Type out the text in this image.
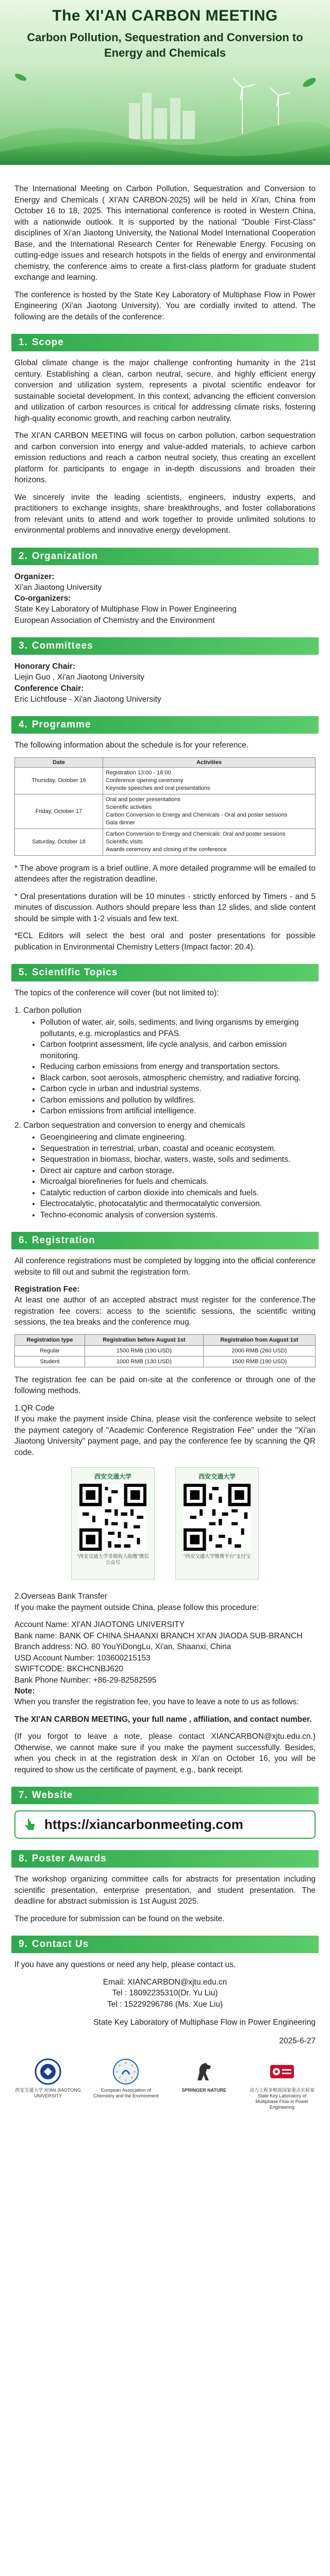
The XI'AN CARBON MEETING
Carbon Pollution, Sequestration and Conversion to Energy and Chemicals

The International Meeting on Carbon Pollution, Sequestration and Conversion to Energy and Chemicals ( XI'AN CARBON-2025) will be held in Xi'an, China from October 16 to 18, 2025. This international conference is rooted in Western China, with a nationwide outlook. It is supported by the national "Double First-Class" disciplines of Xi'an Jiaotong University, the National Model International Cooperation Base, and the International Research Center for Renewable Energy. Focusing on cutting-edge issues and research hotspots in the fields of energy and environmental chemistry, the conference aims to create a first-class platform for graduate student exchange and learning.

The conference is hosted by the State Key Laboratory of Multiphase Flow in Power Engineering (Xi'an Jiaotong University). You are cordially invited to attend. The following are the details of the conference:

1. Scope

Global climate change is the major challenge confronting humanity in the 21st century. Establishing a clean, carbon neutral, secure, and highly efficient energy conversion and utilization system, represents a pivotal scientific endeavor for sustainable societal development. In this context, advancing the efficient conversion and utilization of carbon resources is critical for addressing climate risks, fostering high-quality economic growth, and reaching carbon neutrality.

The XI'AN CARBON MEETING will focus on carbon pollution, carbon sequestration and carbon conversion into energy and value-added materials, to achieve carbon emission reductions and reach a carbon neutral society, thus creating an excellent platform for participants to engage in in-depth discussions and broaden their horizons.

We sincerely invite the leading scientists, engineers, industry experts, and practitioners to exchange insights, share breakthroughs, and foster collaborations from relevant units to attend and work together to provide unlimited solutions to environmental problems and innovative energy development.

2. Organization
Organizer:
Xi'an Jiaotong University
Co-organizers:
State Key Laboratory of Multiphase Flow in Power Engineering
European Association of Chemistry and the Environment
3. Committees
Honorary Chair:
Liejin Guo , Xi'an Jiaotong University
Conference Chair:
Eric Lichtfouse - Xi'an Jiaotong University
4. Programme

The following information about the schedule is for your reference.

Date	Activities
Thursday, October 16	Registration 13:00 - 18:00
Conference opening ceremony
Keynote speeches and oral presentations

Friday, October 17	Oral and poster presentations
Scientific activities
Carbon Conversion to Energy and Chemicals - Oral and poster sessions
Gala dinner

Saturday, October 18	Carbon Conversion to Energy and Chemicals: Oral and poster sessions
Scientific visits
Awards ceremony and closing of the conference

* The above program is a brief outline. A more detailed programme will be emailed to attendees after the registration deadline.

* Oral presentations duration will be 10 minutes - strictly enforced by Timers - and 5 minutes of discussion. Authors should prepare less than 12 slides, and slide content should be simple with 1-2 visuals and few text.

*ECL Editors will select the best oral and poster presentations for possible publication in Environmental Chemistry Letters (Impact factor: 20.4).

5. Scientific Topics

The topics of the conference will cover (but not limited to):

1. Carbon pollution
• Pollution of water, air, soils, sediments, and living organisms by emerging pollutants, e.g. microplastics and PFAS.
• Carbon footprint assessment, life cycle analysis, and carbon emission monitoring.
• Reducing carbon emissions from energy and transportation sectors.
• Black carbon, soot aerosols, atmospheric chemistry, and radiative forcing.
• Carbon cycle in urban and industrial systems.
• Carbon emissions and pollution by wildfires.
• Carbon emissions from artificial intelligence.
2. Carbon sequestration and conversion to energy and chemicals
• Geoengineering and climate engineering.
• Sequestration in terrestrial, urban, coastal and oceanic ecosystem.
• Sequestration in biomass, biochar, waters, waste, soils and sediments.
• Direct air capture and carbon storage.
• Microalgal biorefineries for fuels and chemicals.
• Catalytic reduction of carbon dioxide into chemicals and fuels.
• Electrocatalytic, photocatalytic and thermocatalytic conversion.
• Techno-economic analysis of conversion systems.
6. Registration

All conference registrations must be completed by logging into the official conference website to fill out and submit the registration form.

Registration Fee:

At least one author of an accepted abstract must register for the conference.The registration fee covers: access to the scientific sessions, the scientific writing sessions, the tea breaks and the conference mug.

Registration type	Registration before August 1st	Registration from August 1st
Regular	1500 RMB (190 USD)	2000 RMB (260 USD)
Student	1000 RMB (130 USD)	1500 RMB (190 USD)

The registration fee can be paid on-site at the conference or through one of the following methods.

1.QR Code

If you make the payment inside China, please visit the conference website to select the payment category of "Academic Conference Registration Fee" under the "Xi'an Jiaotong University" payment page, and pay the conference fee by scanning the QR code.

西安交通大学
"西安交通大学非税收入收缴"微信公众号
西安交通大学
"西安交通大学缴费平台"支付宝
2.Overseas Bank Transfer

If you make the payment outside China, please follow this procedure:

Account Name: XI'AN JIAOTONG UNIVERSITY
Bank name: BANK OF CHINA SHAANXI BRANCH XI'AN JIAODA SUB-BRANCH
Branch address: NO. 80 YouYiDongLu, Xi'an, Shaanxi, China
USD Account Number: 103600215153
SWIFTCODE: BKCHCNBJ620
Bank Phone Number: +86-29-82582595
Note:

When you transfer the registration fee, you have to leave a note to us as follows:

The XI'AN CARBON MEETING, your full name , affiliation, and contact number.

(If you forgot to leave a note, please contact XIANCARBON@xjtu.edu.cn.) Otherwise, we cannot make sure if you make the payment successfully. Besides, when you check in at the registration desk in Xi'an on October 16, you will be required to show us the certificate of payment, e.g., bank receipt.

7. Website
https://xiancarbonmeeting.com
8. Poster Awards

The workshop organizing committee calls for abstracts for presentation including scientific presentation, enterprise presentation, and student presentation. The deadline for abstract submission is 1st August 2025.

The procedure for submission can be found on the website.

9. Contact Us

If you have any questions or need any help, please contact us.

Email: XIANCARBON@xjtu.edu.cn
Tel : 18092235310(Dr. Yu Liu)
Tel : 15229296786 (Ms. Xue Liu)
State Key Laboratory of Multiphase Flow in Power Engineering
2025-6-27
西安交通大学 XI'AN JIAOTONG UNIVERSITY
European Association of Chemistry and the Environment
SPRINGER NATURE	动力工程多相流国家重点实验室 State Key Laboratory of Multiphase Flow in Power Engineering
